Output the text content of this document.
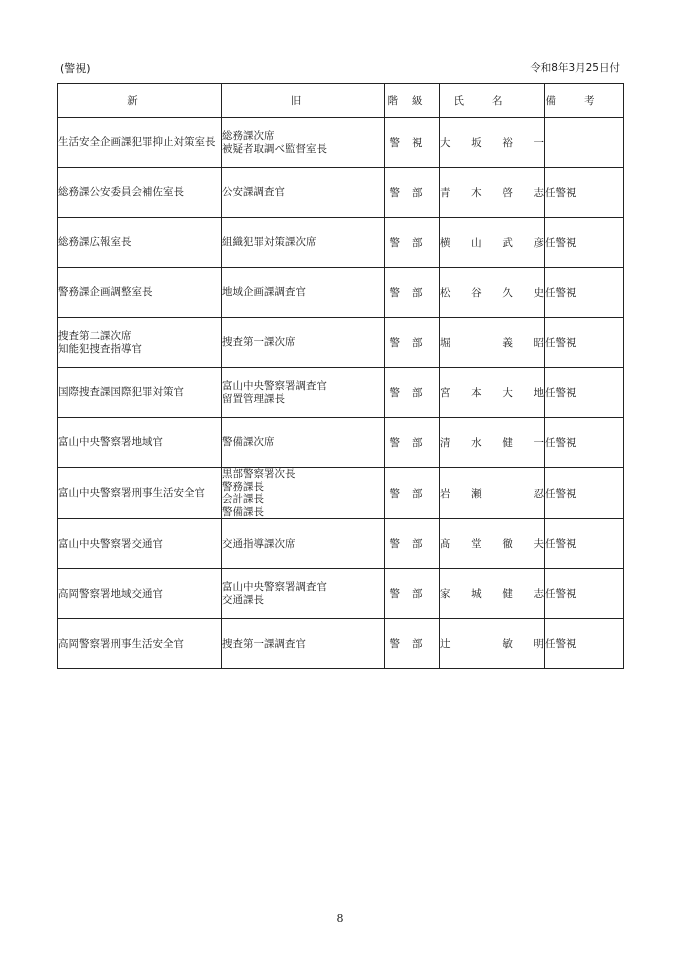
(警視)	令和8年3月25日付
新	旧	階級	氏名	備考

生活安全企画課犯罪抑止対策室長	総務課次席
被疑者取調べ監督室長	警視	大坂裕一	

総務課公安委員会補佐室長	公安課調査官	警部	青木啓志	任警視

総務課広報室長	組織犯罪対策課次席	警部	横山武彦	任警視

警務課企画調整室長	地域企画課調査官	警部	松谷久史	任警視

捜査第二課次席
知能犯捜査指導官	捜査第一課次席	警部	堀　義昭	任警視

国際捜査課国際犯罪対策官	富山中央警察署調査官
留置管理課長	警部	宮本大地	任警視

富山中央警察署地域官	警備課次席	警部	清水健一	任警視

富山中央警察署刑事生活安全官	黒部警察署次長
警務課長
会計課長
警備課長	警部	岩瀬　忍	任警視

富山中央警察署交通官	交通指導課次席	警部	髙堂徹夫	任警視

高岡警察署地域交通官	富山中央警察署調査官
交通課長	警部	家城健志	任警視

高岡警察署刑事生活安全官	捜査第一課調査官	警部	辻　敏明	任警視
8
